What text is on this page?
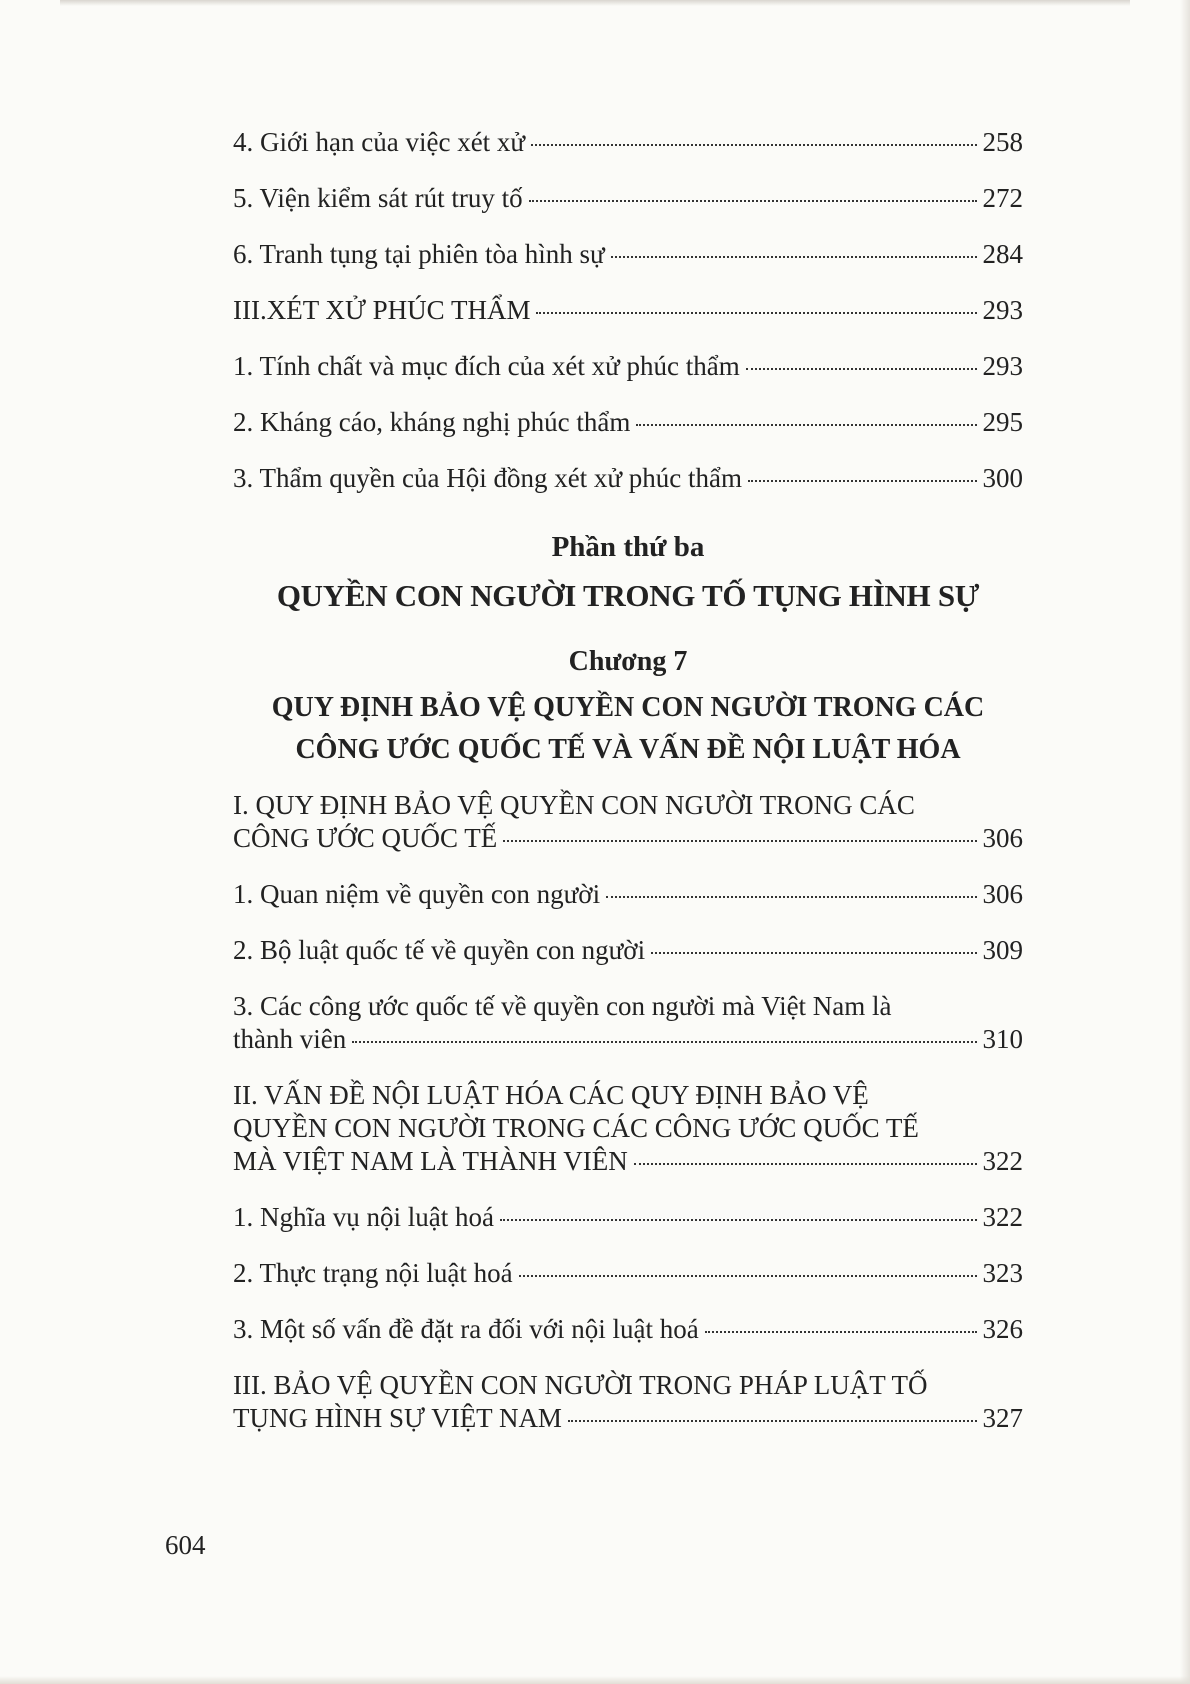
4. Giới hạn của việc xét xử	258
5. Viện kiểm sát rút truy tố	272
6. Tranh tụng tại phiên tòa hình sự	284
III.XÉT XỬ PHÚC THẨM	293
1. Tính chất và mục đích của xét xử phúc thẩm	293
2. Kháng cáo, kháng nghị phúc thẩm	295
3. Thẩm quyền của Hội đồng xét xử phúc thẩm	300
Phần thứ ba
QUYỀN CON NGƯỜI TRONG TỐ TỤNG HÌNH SỰ
Chương 7
QUY ĐỊNH BẢO VỆ QUYỀN CON NGƯỜI TRONG CÁC
CÔNG ƯỚC QUỐC TẾ VÀ VẤN ĐỀ NỘI LUẬT HÓA
I. QUY ĐỊNH BẢO VỆ QUYỀN CON NGƯỜI TRONG CÁC
CÔNG ƯỚC QUỐC TẾ	306
1. Quan niệm về quyền con người	306
2. Bộ luật quốc tế về quyền con người	309
3. Các công ước quốc tế về quyền con người mà Việt Nam là
thành viên	310
II. VẤN ĐỀ NỘI LUẬT HÓA CÁC QUY ĐỊNH BẢO VỆ
QUYỀN CON NGƯỜI TRONG CÁC CÔNG ƯỚC QUỐC TẾ
MÀ VIỆT NAM LÀ THÀNH VIÊN	322
1. Nghĩa vụ nội luật hoá	322
2. Thực trạng nội luật hoá	323
3. Một số vấn đề đặt ra đối với nội luật hoá	326
III. BẢO VỆ QUYỀN CON NGƯỜI TRONG PHÁP LUẬT TỐ
TỤNG HÌNH SỰ VIỆT NAM	327
604
